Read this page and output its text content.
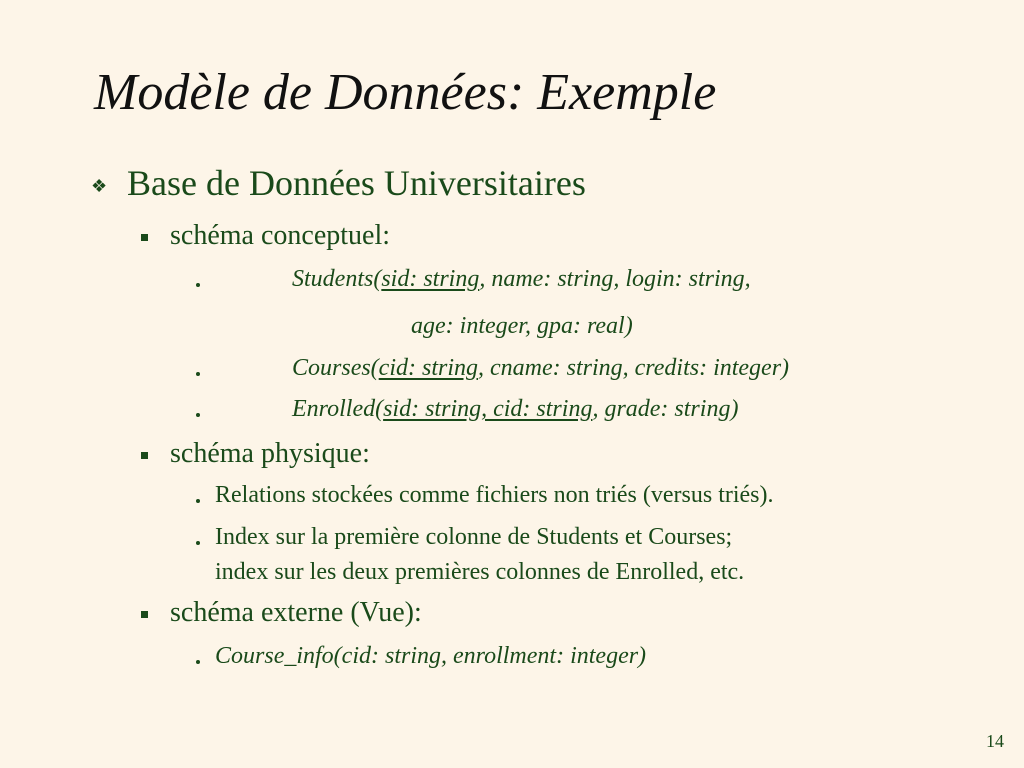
Modèle de Données: Exemple
❖ Base de Données Universitaires
schéma conceptuel:
Students(sid: string, name: string, login: string,
age: integer, gpa: real)
Courses(cid: string, cname: string, credits: integer)
Enrolled(sid: string, cid: string, grade: string)
schéma physique:
Relations stockées comme fichiers non triés (versus triés).
Index sur la première colonne de Students et Courses;
index sur les deux premières colonnes de Enrolled, etc.
schéma externe (Vue):
Course_info(cid: string, enrollment: integer)
14
